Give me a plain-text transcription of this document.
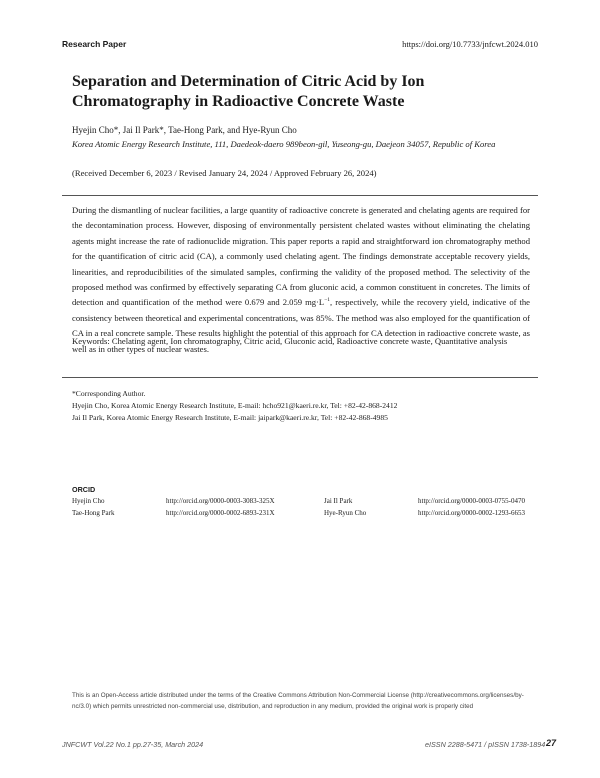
Research Paper	https://doi.org/10.7733/jnfcwt.2024.010
Separation and Determination of Citric Acid by Ion Chromatography in Radioactive Concrete Waste
Hyejin Cho*, Jai Il Park*, Tae-Hong Park, and Hye-Ryun Cho
Korea Atomic Energy Research Institute, 111, Daedeok-daero 989beon-gil, Yuseong-gu, Daejeon 34057, Republic of Korea
(Received December 6, 2023 / Revised January 24, 2024 / Approved February 26, 2024)
During the dismantling of nuclear facilities, a large quantity of radioactive concrete is generated and chelating agents are required for the decontamination process. However, disposing of environmentally persistent chelated wastes without eliminating the chelating agents might increase the rate of radionuclide migration. This paper reports a rapid and straightforward ion chromatography method for the quantification of citric acid (CA), a commonly used chelating agent. The findings demonstrate acceptable recovery yields, linearities, and reproducibilities of the simulated samples, confirming the validity of the proposed method. The selectivity of the proposed method was confirmed by effectively separating CA from gluconic acid, a common constituent in concretes. The limits of detection and quantification of the method were 0.679 and 2.059 $mg\cdot L^{-1}$, respectively, while the recovery yield, indicative of the consistency between theoretical and experimental concentrations, was 85%. The method was also employed for the quantification of CA in a real concrete sample. These results highlight the potential of this approach for CA detection in radioactive concrete waste, as well as in other types of nuclear wastes.
Keywords: Chelating agent, Ion chromatography, Citric acid, Gluconic acid, Radioactive concrete waste, Quantitative analysis
*Corresponding Author.
Hyejin Cho, Korea Atomic Energy Research Institute, E-mail: hcho921@kaeri.re.kr, Tel: +82-42-868-2412
Jai Il Park, Korea Atomic Energy Research Institute, E-mail: jaipark@kaeri.re.kr, Tel: +82-42-868-4985
ORCID
Hyejin Cho	http://orcid.org/0000-0003-3083-325X	Jai Il Park	http://orcid.org/0000-0003-0755-0470
Tae-Hong Park	http://orcid.org/0000-0002-6893-231X	Hye-Ryun Cho	http://orcid.org/0000-0002-1293-6653
This is an Open-Access article distributed under the terms of the Creative Commons Attribution Non-Commercial License (http://creativecommons.org/licenses/by-nc/3.0) which permits unrestricted non-commercial use, distribution, and reproduction in any medium, provided the original work is properly cited
JNFCWT Vol.22 No.1 pp.27-35, March 2024	eISSN 2288-5471 / pISSN 1738-1894 27
